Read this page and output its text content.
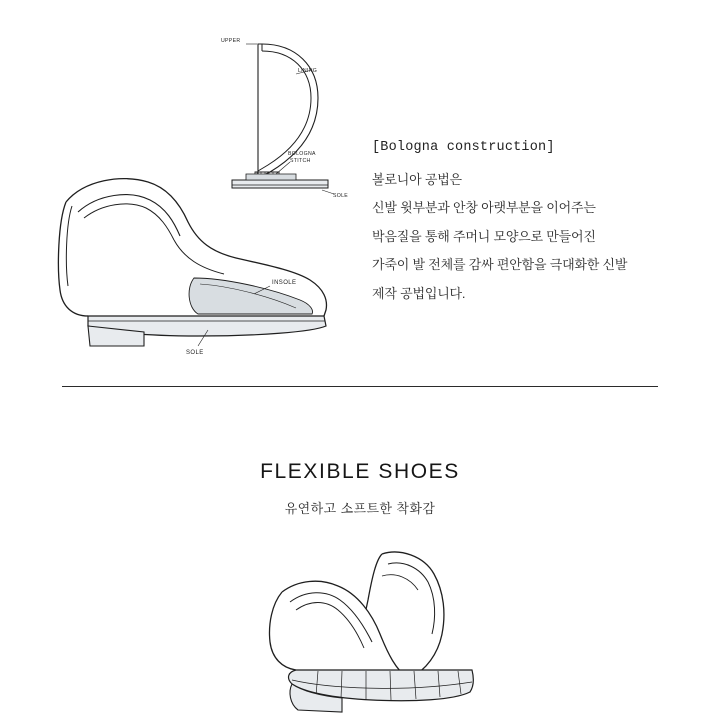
UPPER
LINING
BOLOGNA
STITCH
SOLE
INSOLE
SOLE
[Bologna construction]

볼로니아 공법은

신발 윗부분과 안창 아랫부분을 이어주는

박음질을 통해 주머니 모양으로 만들어진

가죽이 발 전체를 감싸 편안함을 극대화한 신발

제작 공법입니다.

FLEXIBLE SHOES
유연하고 소프트한 착화감
